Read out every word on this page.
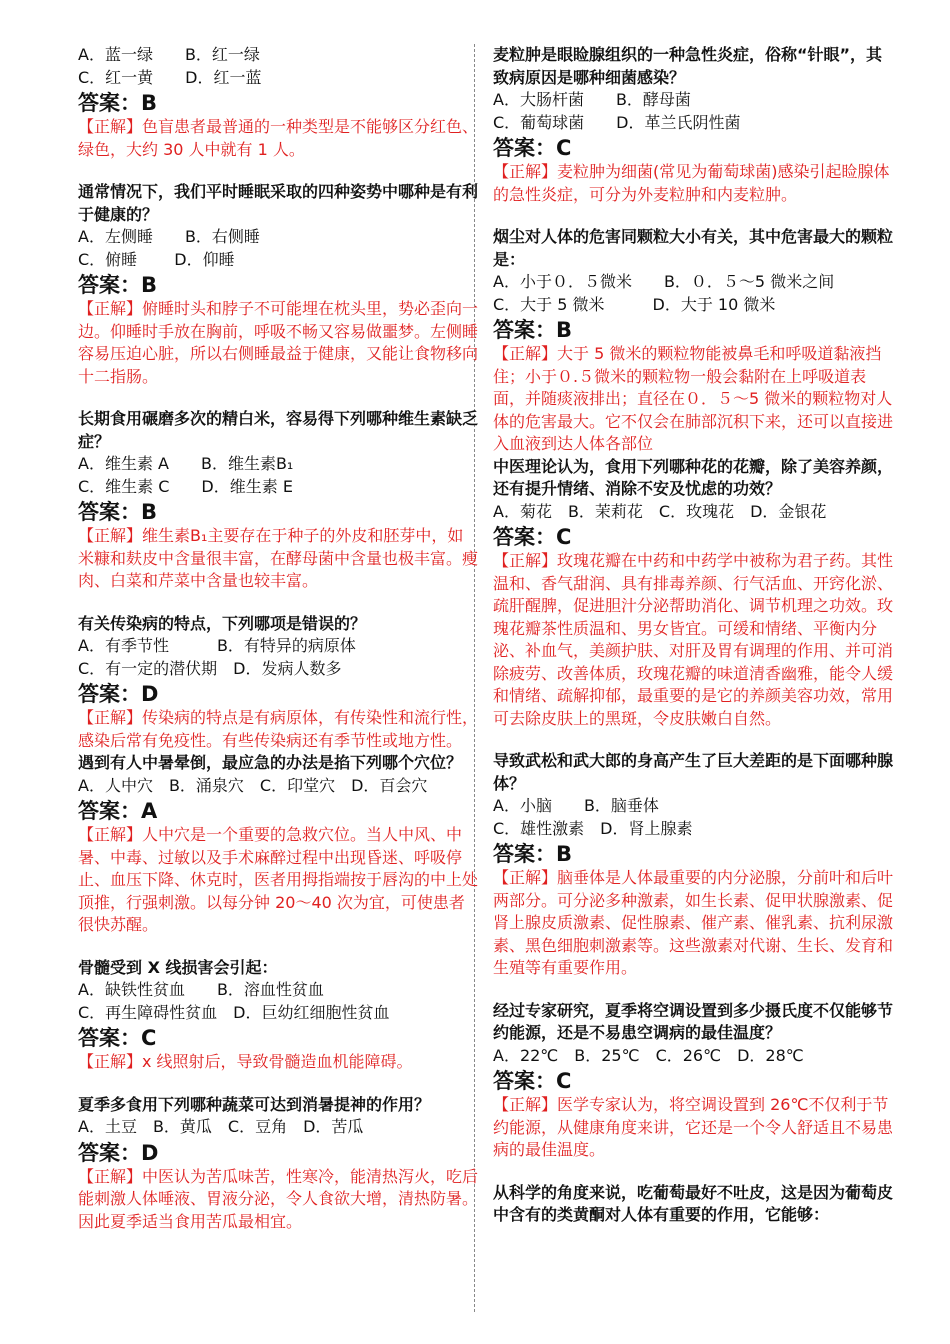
A．蓝一绿　　B．红一绿
C．红一黄　　D．红一蓝
答案：B
【正解】色盲患者最普通的一种类型是不能够区分红色、绿色，大约 30 人中就有 1 人。
通常情况下，我们平时睡眠采取的四种姿势中哪种是有利于健康的？
A．左侧睡　　B．右侧睡
C．俯睡　　 D．仰睡
答案：B
【正解】俯睡时头和脖子不可能埋在枕头里，势必歪向一边。仰睡时手放在胸前，呼吸不畅又容易做噩梦。左侧睡容易压迫心脏，所以右侧睡最益于健康，又能让食物移向十二指肠。
长期食用碾磨多次的精白米，容易得下列哪种维生素缺乏症？
A．维生素 A　　B．维生素B₁
C．维生素 C　　D．维生素 E
答案：B
【正解】维生素B₁主要存在于种子的外皮和胚芽中，如米糠和麸皮中含量很丰富，在酵母菌中含量也极丰富。瘦肉、白菜和芹菜中含量也较丰富。
有关传染病的特点，下列哪项是错误的？
A．有季节性　　　B．有特异的病原体
C．有一定的潜伏期　D．发病人数多
答案：D
【正解】传染病的特点是有病原体，有传染性和流行性，感染后常有免疫性。有些传染病还有季节性或地方性。
遇到有人中暑晕倒，最应急的办法是掐下列哪个穴位？
A．人中穴　B．涌泉穴　C．印堂穴　D．百会穴
答案：A
【正解】人中穴是一个重要的急救穴位。当人中风、中暑、中毒、过敏以及手术麻醉过程中出现昏迷、呼吸停止、血压下降、休克时，医者用拇指端按于唇沟的中上处顶推，行强刺激。以每分钟 20～40 次为宜，可使患者很快苏醒。
骨髓受到 X 线损害会引起：
A．缺铁性贫血　　B．溶血性贫血
C．再生障碍性贫血　D．巨幼红细胞性贫血
答案：C
【正解】x 线照射后，导致骨髓造血机能障碍。
夏季多食用下列哪种蔬菜可达到消暑提神的作用？
A．土豆　B．黄瓜　C．豆角　D．苦瓜
答案：D
【正解】中医认为苦瓜味苦，性寒冷，能清热泻火，吃后能刺激人体唾液、胃液分泌，令人食欲大增，清热防暑。因此夏季适当食用苦瓜最相宜。
麦粒肿是眼睑腺组织的一种急性炎症，俗称“针眼”，其致病原因是哪种细菌感染？
A．大肠杆菌　　B．酵母菌
C．葡萄球菌　　D．革兰氏阴性菌
答案：C
【正解】麦粒肿为细菌(常见为葡萄球菌)感染引起睑腺体的急性炎症，可分为外麦粒肿和内麦粒肿。
烟尘对人体的危害同颗粒大小有关，其中危害最大的颗粒是：
A．小于０．５微米　　B．０．５～5 微米之间
C．大于 5 微米　　　D．大于 10 微米
答案：B
【正解】大于 5 微米的颗粒物能被鼻毛和呼吸道黏液挡住；小于０.５微米的颗粒物一般会黏附在上呼吸道表面，并随痰液排出；直径在０．５～5 微米的颗粒物对人体的危害最大。它不仅会在肺部沉积下来，还可以直接进入血液到达人体各部位
中医理论认为，食用下列哪种花的花瓣，除了美容养颜，还有提升情绪、消除不安及忧虑的功效？
A．菊花　B．茉莉花　C．玫瑰花　D．金银花
答案：C
【正解】玫瑰花瓣在中药和中药学中被称为君子药。其性温和、香气甜润、具有排毒养颜、行气活血、开窍化淤、疏肝醒脾，促进胆汁分泌帮助消化、调节机理之功效。玫瑰花瓣茶性质温和、男女皆宜。可缓和情绪、平衡内分泌、补血气，美颜护肤、对肝及胃有调理的作用、并可消除疲劳、改善体质，玫瑰花瓣的味道清香幽雅，能令人缓和情绪、疏解抑郁，最重要的是它的养颜美容功效，常用可去除皮肤上的黑斑，令皮肤嫩白自然。
导致武松和武大郎的身高产生了巨大差距的是下面哪种腺体？
A．小脑　　B．脑垂体
C．雄性激素　D．肾上腺素
答案：B
【正解】脑垂体是人体最重要的内分泌腺，分前叶和后叶两部分。可分泌多种激素，如生长素、促甲状腺激素、促肾上腺皮质激素、促性腺素、催产素、催乳素、抗利尿激素、黑色细胞刺激素等。这些激素对代谢、生长、发育和生殖等有重要作用。
经过专家研究，夏季将空调设置到多少摄氏度不仅能够节约能源，还是不易患空调病的最佳温度？
A．22℃　B．25℃　C．26℃　D．28℃
答案：C
【正解】医学专家认为，将空调设置到 26℃不仅利于节约能源，从健康角度来讲，它还是一个令人舒适且不易患病的最佳温度。
从科学的角度来说，吃葡萄最好不吐皮，这是因为葡萄皮中含有的类黄酮对人体有重要的作用，它能够：
